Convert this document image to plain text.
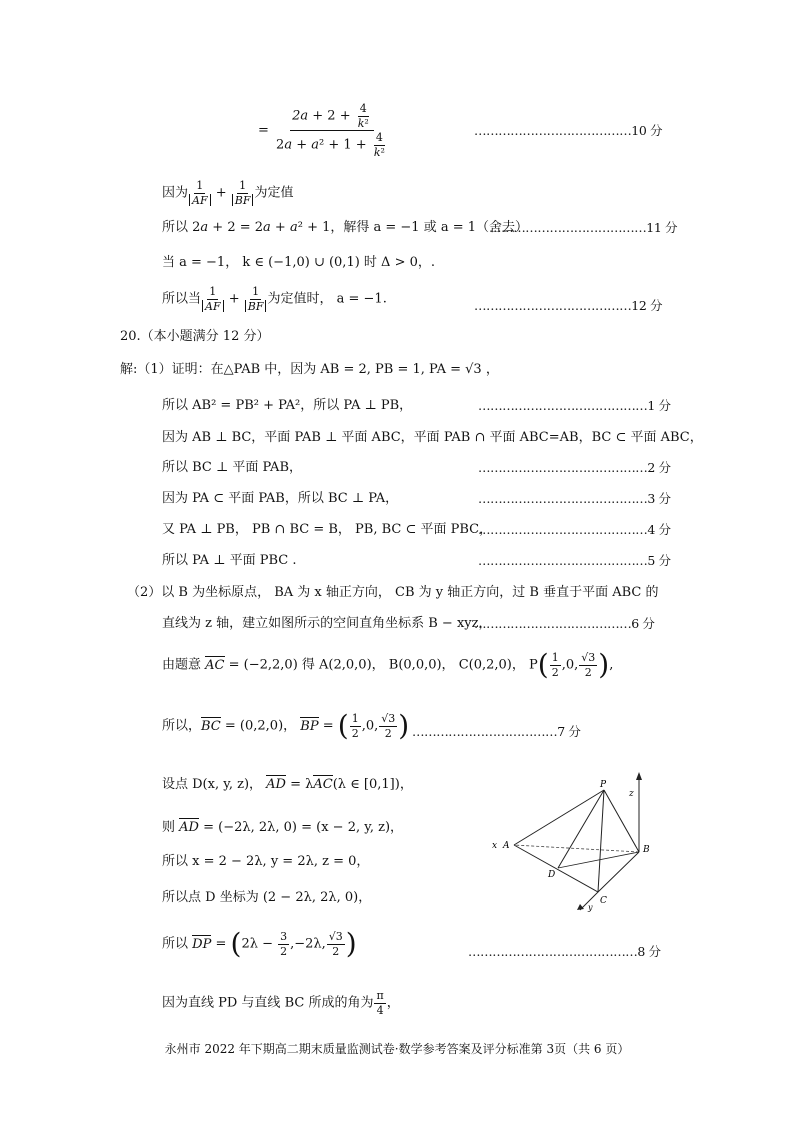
= $\frac{2a + 2 + \frac{4}{\text{k²}}}{2a + a^2 + 1 + \frac{4}{\text{k²}}}$	…………………………………10 分
因为 $\frac{1}{AF} + \frac{1}{BF}$ 为定值
所以 2a + 2 = 2a + a² + 1，解得 a = −1 或 a = 1（舍去）
…………………………………11 分
当 a = −1， k ∈ (−1,0) ∪ (0,1) 时 Δ > 0，.
所以当 $\frac{1}{AF} + \frac{1}{BF}$ 为定值时， a = −1.	…………………………………12 分
20.（本小题满分 12 分）
解:（1）证明：在△PAB 中，因为 AB = 2, PB = 1, PA = √3 ，
所以 AB² = PB² + PA²，所以 PA ⊥ PB，	……………………………………1 分
因为 AB ⊥ BC，平面 PAB ⊥ 平面 ABC，平面 PAB ∩ 平面 ABC=AB，BC ⊂ 平面 ABC，
所以 BC ⊥ 平面 PAB，	……………………………………2 分
因为 PA ⊂ 平面 PAB，所以 BC ⊥ PA，	……………………………………3 分
又 PA ⊥ PB， PB ∩ BC = B， PB, BC ⊂ 平面 PBC，
……………………………………4 分
所以 PA ⊥ 平面 PBC .	……………………………………5 分
（2）以 B 为坐标原点， BA 为 x 轴正方向， CB 为 y 轴正方向，过 B 垂直于平面 ABC 的
直线为 z 轴，建立如图所示的空间直角坐标系 B − xyz，
…………………………………6 分
由题意 AC = (−2,2,0) 得 A(2,0,0)， B(0,0,0)， C(0,2,0)， $P( \frac{1}{2} ,0$, $\frac{√3}{2}$ ),
所以，BC = (0,2,0)， BP = ( $\frac{1}{2} ,0$, $\frac{√3}{2}$ ) ………………………………7 分
设点 D(x, y, z)， AD = λAC(λ ∈ [0,1])，
则 AD = (−2λ, 2λ, 0) = (x − 2, y, z)，
所以 x = 2 − 2λ, y = 2λ, z = 0，
所以点 D 坐标为 (2 − 2λ, 2λ, 0)，
所以 DP = ($2\lambda - \frac{3}{2} ,-2\lambda$, $\frac{√3}{2}$ )	……………………………………8 分
因为直线 PD 与直线 BC 所成的角为 $\frac{\pi}{4}$ ，
z
x
y
P
A	B
C
D
永州市 2022 年下期高二期末质量监测试卷·数学参考答案及评分标准第 3页（共 6 页）
